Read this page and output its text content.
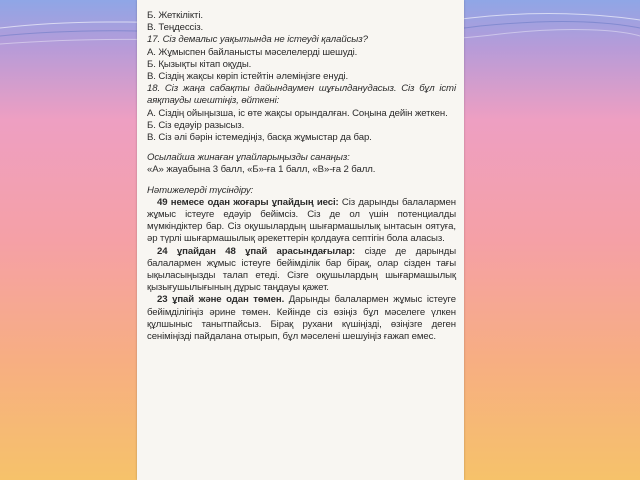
Б. Жеткілікті.

В. Теңдессіз.

17. Сіз демалыс уақытында не істеуді қалайсыз?

А. Жұмыспен байланысты мәселелерді шешуді.

Б. Қызықты кітап оқуды.

В. Сіздің жақсы көріп істейтін әлеміңізге енуді.

18. Сіз жаңа сабақты дайындаумен шұғылданудасыз. Сіз бұл істі аяқтауды шештіңіз, өйткені:

А. Сіздің ойыңызша, іс өте жақсы орындалған. Соңына дейін жеткен.

Б. Сіз едәуір разысыз.

В. Сіз әлі бәрін істемедіңіз, басқа жұмыстар да бар.

Осылайша жинаған ұпайларыңызды санаңыз:

«А» жауабына 3 балл, «Б»-ға 1 балл, «В»-ға 2 балл.

Нәтижелерді түсіндіру:

49 немесе одан жоғары ұпайдың иесі: Сіз дарынды балалармен жұмыс істеуге едәуір бейімсіз. Сіз де ол үшін потенциалды мүмкіндіктер бар. Сіз оқушылардың шығармашылық ынтасын оятуға, әр түрлі шығармашылық әрекеттерін қолдауға септігін бола аласыз.

24 ұпайдан 48 ұпай арасындағылар: сізде де дарынды балалармен жұмыс істеуге бейімділік бар бірақ, олар сізден тағы ықыласыңызды талап етеді. Сізге оқушылардың шығармашылық қызығушылығының дұрыс таңдауы қажет.

23 ұпай және одан төмен. Дарынды балалармен жұмыс істеуге бейімділігіңіз әрине төмен. Кейінде сіз өзіңіз бұл мәселеге үлкен құлшыныс танытпайсыз. Бірақ рухани күшіңізді, өзіңізге деген сеніміңізді пайдалана отырып, бұл мәселені шешуіңіз ғажап емес.
